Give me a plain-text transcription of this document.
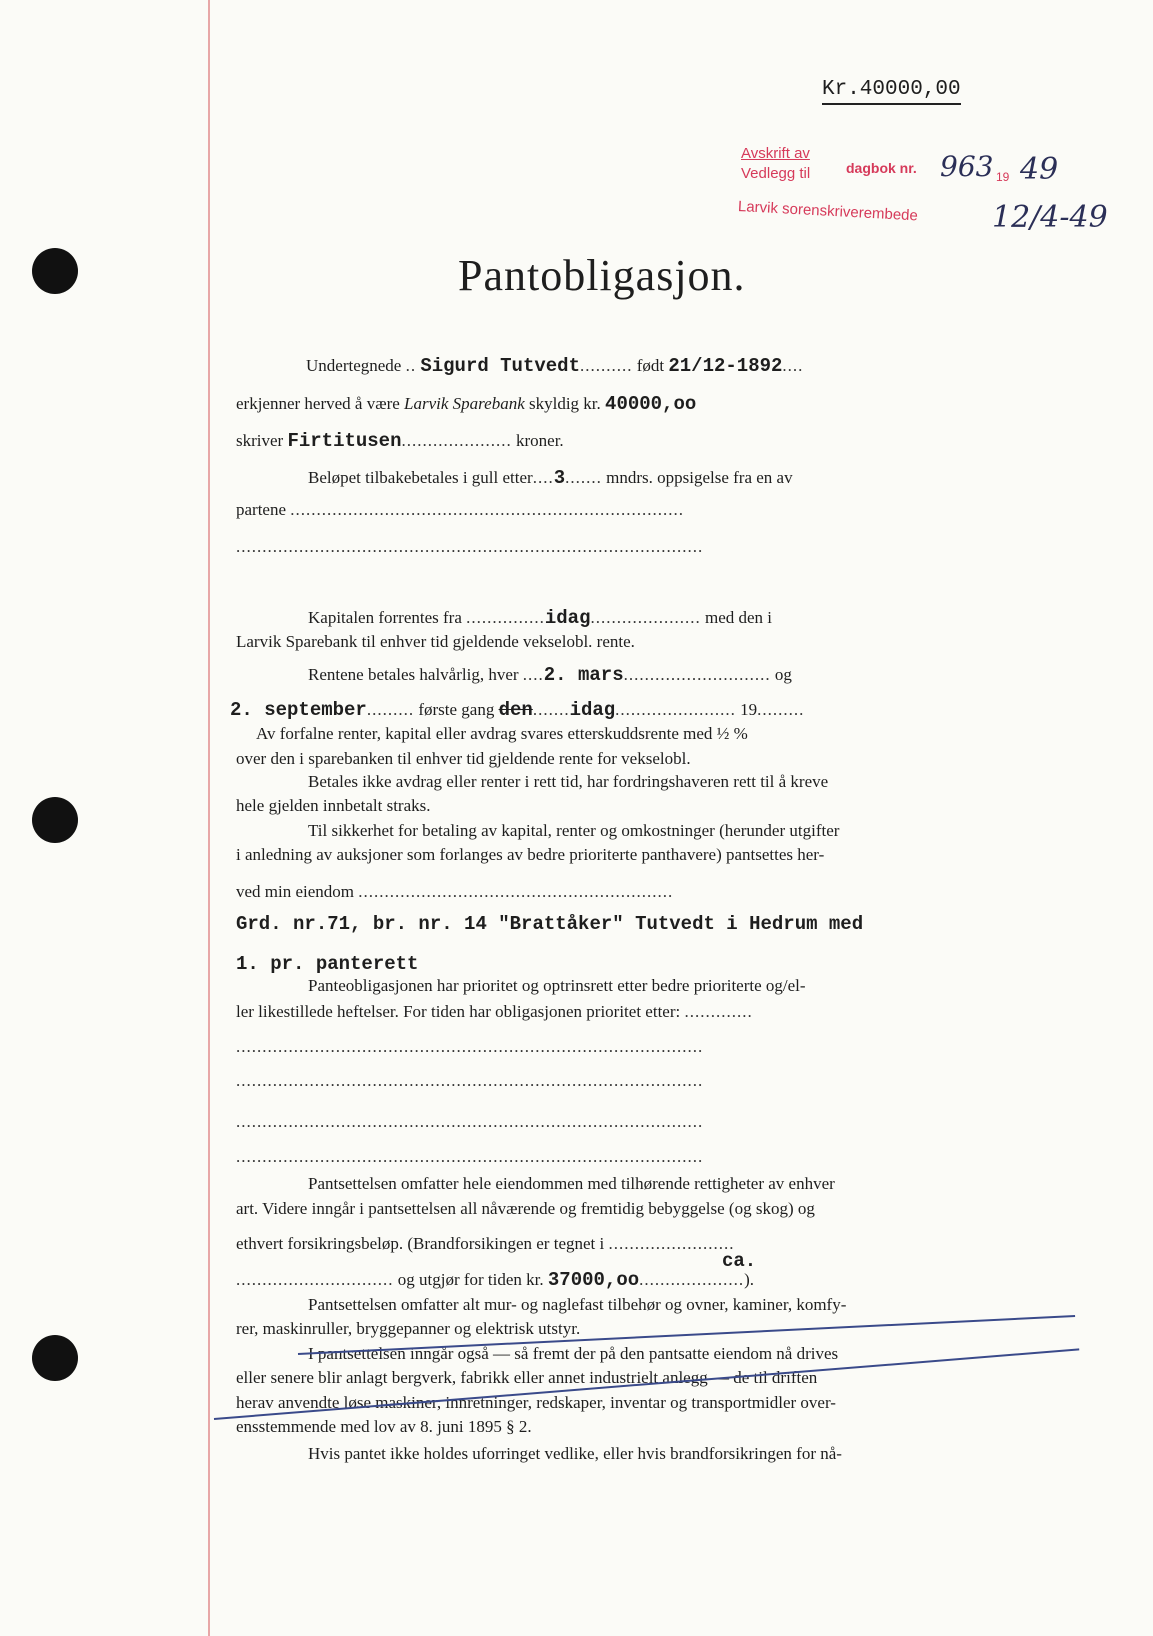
Kr.40000,00
Avskrift av
Vedlegg til	dagbok nr. 963 19 49
Larvik sorenskriverembede 12/4-49
Pantobligasjon.
Undertegnede .. Sigurd Tutvedt.......... født 21/12-1892....
erkjenner herved å være Larvik Sparebank skyldig kr. 40000,oo
skriver Firtitusen..................... kroner.
Beløpet tilbakebetales i gull etter....3....... mndrs. oppsigelse fra en av
partene ...........................................................................
.........................................................................................
Kapitalen forrentes fra ...............idag..................... med den i
Larvik Sparebank til enhver tid gjeldende vekselobl. rente.
Rentene betales halvårlig, hver ....2. mars............................ og
2. september......... første gang den.......idag....................... 19.........
Av forfalne renter, kapital eller avdrag svares etterskuddsrente med ½ %
over den i sparebanken til enhver tid gjeldende rente for vekselobl.
Betales ikke avdrag eller renter i rett tid, har fordringshaveren rett til å kreve
hele gjelden innbetalt straks.
Til sikkerhet for betaling av kapital, renter og omkostninger (herunder utgifter
i anledning av auksjoner som forlanges av bedre prioriterte panthavere) pantsettes her-
ved min eiendom ............................................................
Grd. nr.71, br. nr. 14 "Brattåker" Tutvedt i Hedrum med
1. pr. panterett
Panteobligasjonen har prioritet og optrinsrett etter bedre prioriterte og/el-
ler likestillede heftelser. For tiden har obligasjonen prioritet etter: .............
.........................................................................................
.........................................................................................
.........................................................................................
.........................................................................................
Pantsettelsen omfatter hele eiendommen med tilhørende rettigheter av enhver
art. Videre inngår i pantsettelsen all nåværende og fremtidig bebyggelse (og skog) og
ethvert forsikringsbeløp. (Brandforsikingen er tegnet i ........................
ca.
.............................. og utgjør for tiden kr. 37000,oo....................).
Pantsettelsen omfatter alt mur- og naglefast tilbehør og ovner, kaminer, komfy-
rer, maskinruller, bryggepanner og elektrisk utstyr.
I pantsettelsen inngår også — så fremt der på den pantsatte eiendom nå drives
eller senere blir anlagt bergverk, fabrikk eller annet industrielt anlegg — de til driften
herav anvendte løse maskiner, innretninger, redskaper, inventar og transportmidler over-
ensstemmende med lov av 8. juni 1895 § 2.
Hvis pantet ikke holdes uforringet vedlike, eller hvis brandforsikringen for nå-
